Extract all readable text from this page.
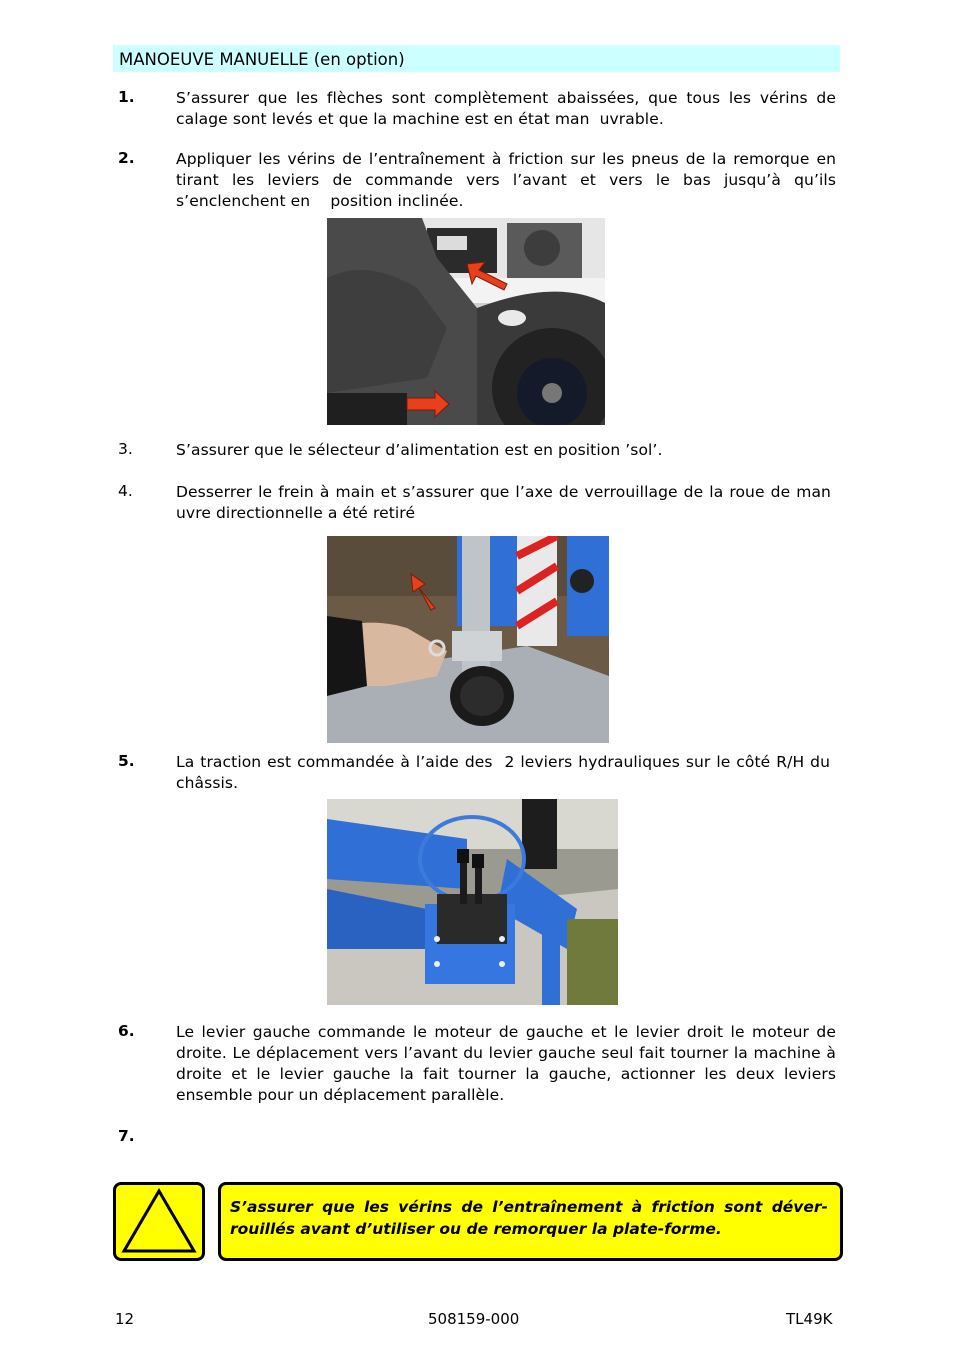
MANOEUVE MANUELLE (en option)
1.	S’assurer que les flèches sont complètement abaissées, que tous les vérins de calage sont levés et que la machine est en état man  uvrable.
2.	Appliquer les vérins de l’entraînement à friction sur les pneus de la remorque en tirant les leviers de commande vers l’avant et vers le bas jusqu’à qu’ils s’enclenchent en    position inclinée.
3.	S’assurer que le sélecteur d’alimentation est en position ’sol’.
4.	Desserrer le frein à main et s’assurer que l’axe de verrouillage de la roue de man  uvre directionnelle a été retiré
5.	La traction est commandée à l’aide des  2 leviers hydrauliques sur le côté R/H du châssis.
6.	Le levier gauche commande le moteur de gauche et le levier droit le moteur de droite. Le déplacement vers l’avant du levier gauche seul fait tourner la machine à droite et le levier gauche la fait tourner la gauche, actionner les deux leviers ensemble pour un déplacement parallèle.
7.
S’assurer que les vérins de l’entraînement à friction sont déver-rouillés avant d’utiliser ou de remorquer la plate-forme.
12	508159-000	TL49K
